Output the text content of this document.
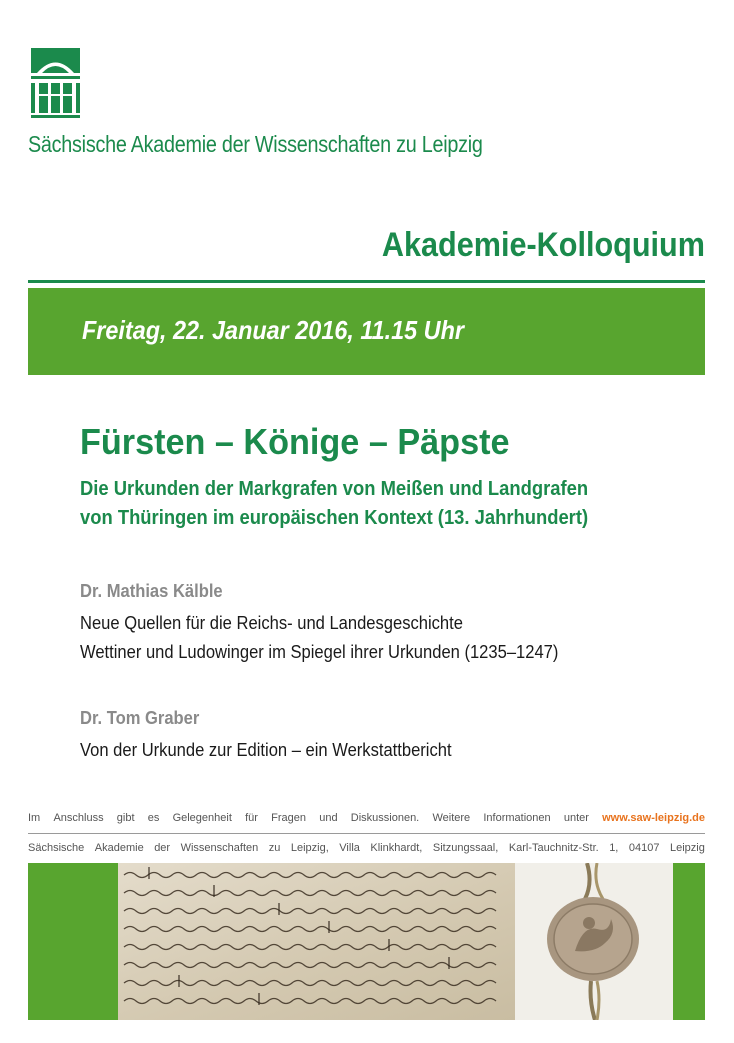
Sächsische Akademie der Wissenschaften zu Leipzig
Akademie-Kolloquium
Freitag, 22. Januar 2016, 11.15 Uhr
Fürsten – Könige – Päpste
Die Urkunden der Markgrafen von Meißen und Landgrafen
von Thüringen im europäischen Kontext (13. Jahrhundert)
Dr. Mathias Kälble
Neue Quellen für die Reichs- und Landesgeschichte
Wettiner und Ludowinger im Spiegel ihrer Urkunden (1235–1247)
Dr. Tom Graber
Von der Urkunde zur Edition – ein Werkstattbericht
Im Anschluss gibt es Gelegenheit für Fragen und Diskussionen. Weitere Informationen unter www.saw-leipzig.de
Sächsische Akademie der Wissenschaften zu Leipzig, Villa Klinkhardt, Sitzungssaal, Karl-Tauchnitz-Str. 1, 04107 Leipzig
